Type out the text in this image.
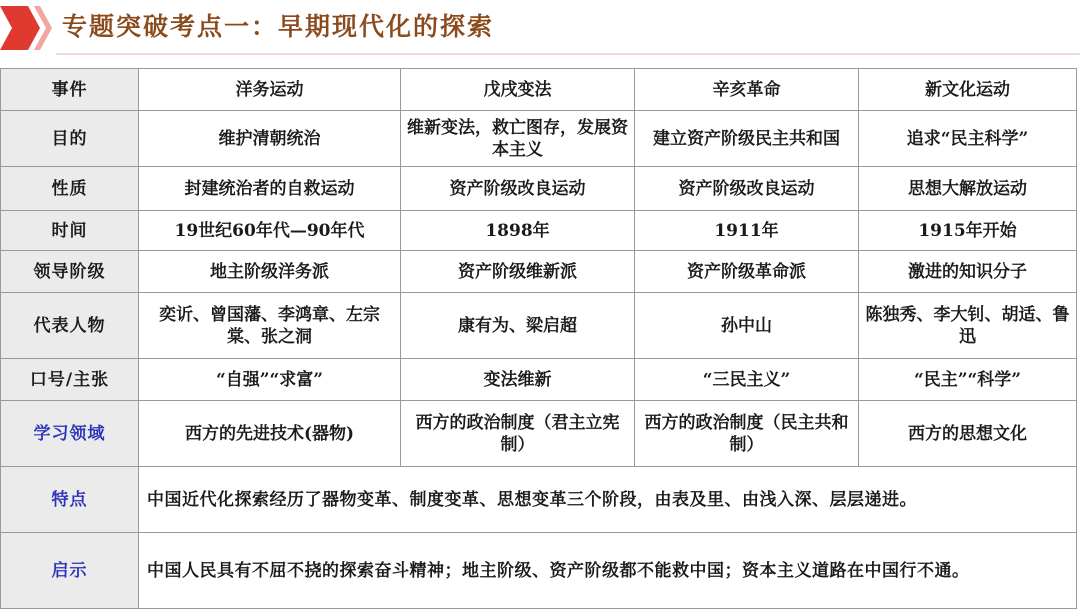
专题突破考点一：早期现代化的探索
事件	洋务运动	戊戌变法	辛亥革命	新文化运动
目的	维护清朝统治	维新变法，救亡图存，发展资本主义	建立资产阶级民主共和国	追求“民主科学”
性质	封建统治者的自救运动	资产阶级改良运动	资产阶级改良运动	思想大解放运动
时间	19世纪60年代—90年代	1898年	1911年	1915年开始
领导阶级	地主阶级洋务派	资产阶级维新派	资产阶级革命派	激进的知识分子
代表人物	奕䜣、曾国藩、李鸿章、左宗棠、张之洞	康有为、梁启超	孙中山	陈独秀、李大钊、胡适、鲁迅
口号/主张	“自强”“求富”	变法维新	“三民主义”	“民主”“科学”
学习领域	西方的先进技术(器物)	西方的政治制度（君主立宪制）	西方的政治制度（民主共和制）	西方的思想文化
特点	中国近代化探索经历了器物变革、制度变革、思想变革三个阶段，由表及里、由浅入深、层层递进。			
启示	中国人民具有不屈不挠的探索奋斗精神；地主阶级、资产阶级都不能救中国；资本主义道路在中国行不通。			
